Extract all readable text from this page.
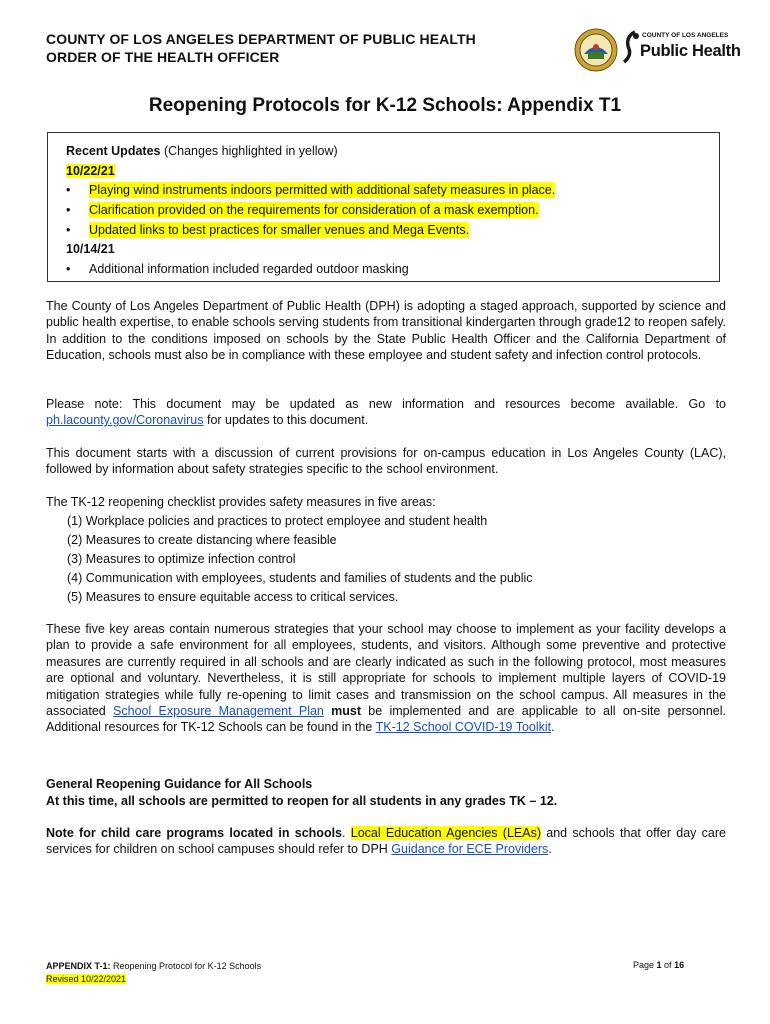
COUNTY OF LOS ANGELES DEPARTMENT OF PUBLIC HEALTH
ORDER OF THE HEALTH OFFICER
COUNTY OF LOS ANGELES
Public Health
Reopening Protocols for K-12 Schools: Appendix T1
Recent Updates (Changes highlighted in yellow)
10/22/21
• Playing wind instruments indoors permitted with additional safety measures in place.
• Clarification provided on the requirements for consideration of a mask exemption.
• Updated links to best practices for smaller venues and Mega Events.
10/14/21
• Additional information included regarded outdoor masking
The County of Los Angeles Department of Public Health (DPH) is adopting a staged approach, supported by science and public health expertise, to enable schools serving students from transitional kindergarten through grade12 to reopen safely. In addition to the conditions imposed on schools by the State Public Health Officer and the California Department of Education, schools must also be in compliance with these employee and student safety and infection control protocols.
Please note: This document may be updated as new information and resources become available. Go to ph.lacounty.gov/Coronavirus for updates to this document.
This document starts with a discussion of current provisions for on-campus education in Los Angeles County (LAC), followed by information about safety strategies specific to the school environment.
The TK-12 reopening checklist provides safety measures in five areas:
(1) Workplace policies and practices to protect employee and student health
(2) Measures to create distancing where feasible
(3) Measures to optimize infection control
(4) Communication with employees, students and families of students and the public
(5) Measures to ensure equitable access to critical services.
These five key areas contain numerous strategies that your school may choose to implement as your facility develops a plan to provide a safe environment for all employees, students, and visitors. Although some preventive and protective measures are currently required in all schools and are clearly indicated as such in the following protocol, most measures are optional and voluntary. Nevertheless, it is still appropriate for schools to implement multiple layers of COVID-19 mitigation strategies while fully re-opening to limit cases and transmission on the school campus. All measures in the associated School Exposure Management Plan must be implemented and are applicable to all on-site personnel. Additional resources for TK-12 Schools can be found in the TK-12 School COVID-19 Toolkit.
General Reopening Guidance for All Schools
At this time, all schools are permitted to reopen for all students in any grades TK – 12.
Note for child care programs located in schools. Local Education Agencies (LEAs) and schools that offer day care services for children on school campuses should refer to DPH Guidance for ECE Providers.
APPENDIX T-1: Reopening Protocol for K-12 Schools
Revised 10/22/2021
Page 1 of 16
